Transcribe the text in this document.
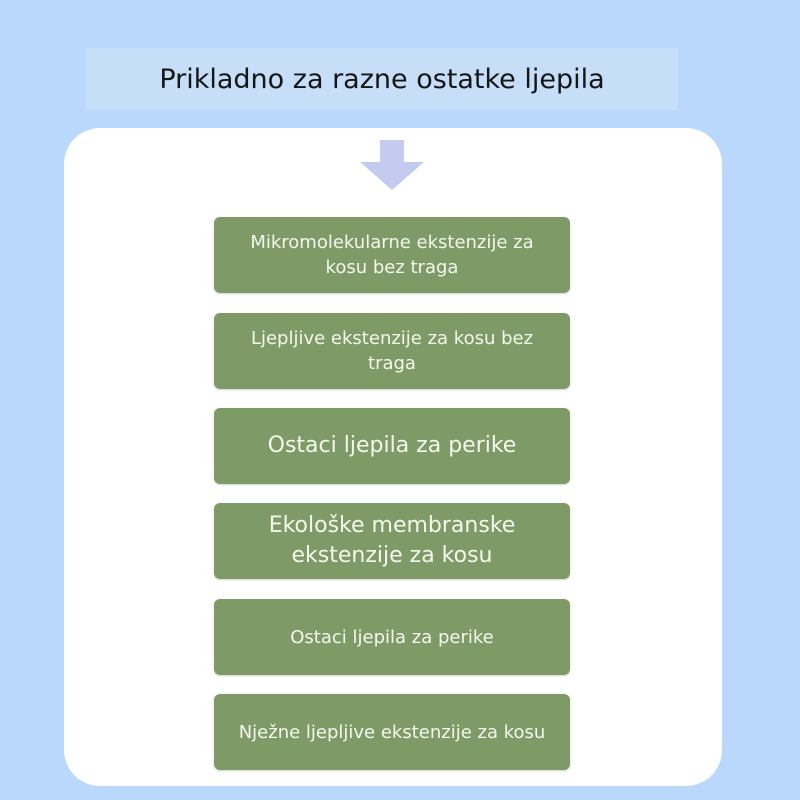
Prikladno za razne ostatke ljepila
Mikromolekularne ekstenzije za kosu bez traga
Ljepljive ekstenzije za kosu bez traga
Ostaci ljepila za perike
Ekološke membranske ekstenzije za kosu
Ostaci ljepila za perike
Nježne ljepljive ekstenzije za kosu
